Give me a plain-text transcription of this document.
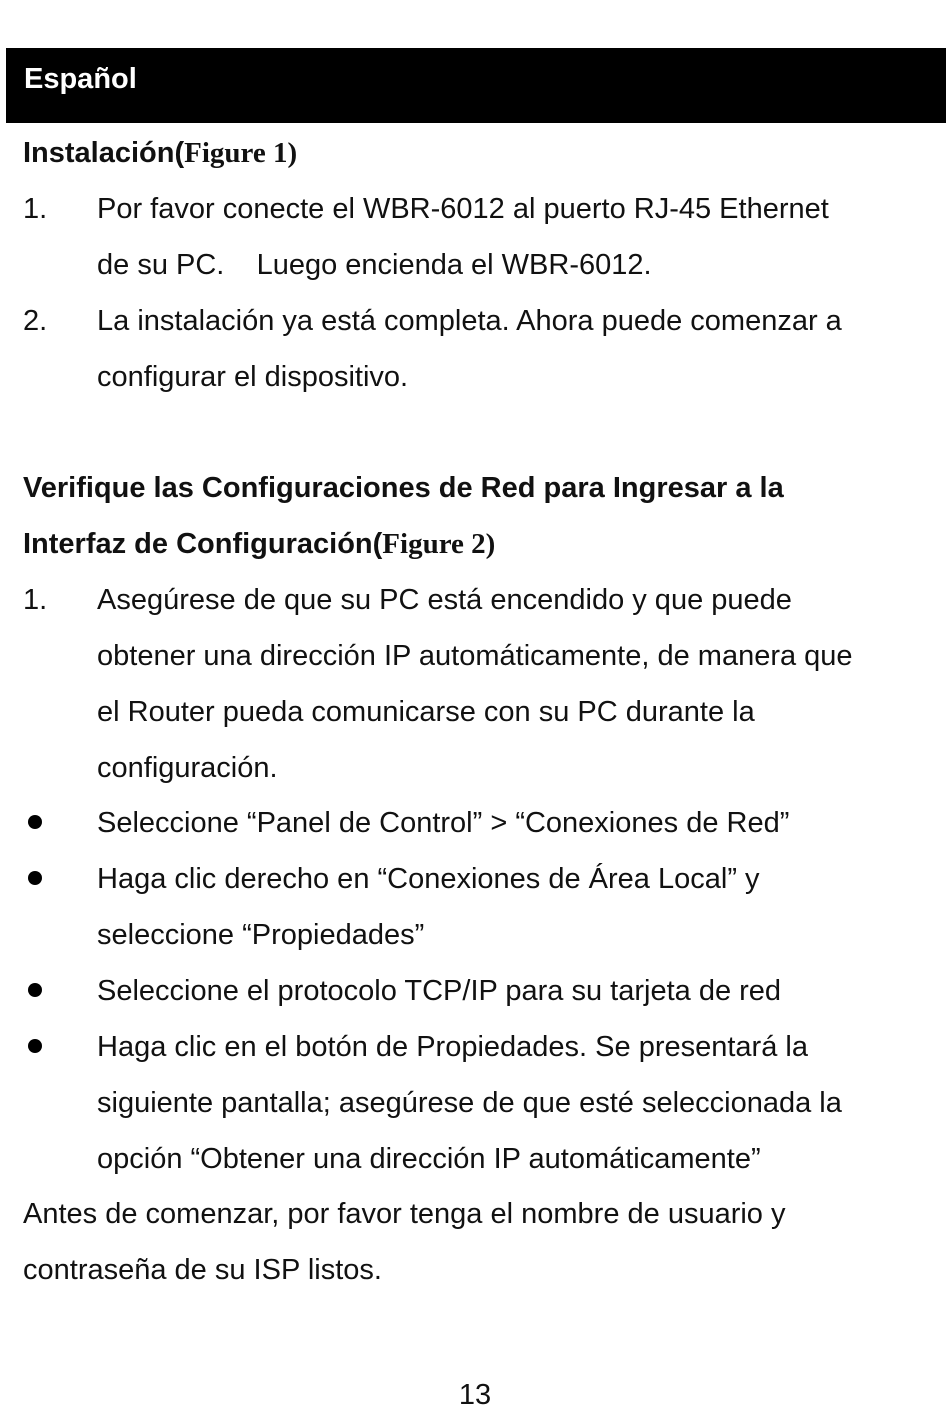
Español
Instalación(Figure 1)
1. Por favor conecte el WBR-6012 al puerto RJ-45 Ethernet
de su PC.    Luego encienda el WBR-6012.
2. La instalación ya está completa. Ahora puede comenzar a
configurar el dispositivo.
Verifique las Configuraciones de Red para Ingresar a la
Interfaz de Configuración(Figure 2)
1. Asegúrese de que su PC está encendido y que puede
obtener una dirección IP automáticamente, de manera que
el Router pueda comunicarse con su PC durante la
configuración.
Seleccione “Panel de Control” > “Conexiones de Red”
Haga clic derecho en “Conexiones de Área Local” y
seleccione “Propiedades”
Seleccione el protocolo TCP/IP para su tarjeta de red
Haga clic en el botón de Propiedades. Se presentará la
siguiente pantalla; asegúrese de que esté seleccionada la
opción “Obtener una dirección IP automáticamente”
Antes de comenzar, por favor tenga el nombre de usuario y
contraseña de su ISP listos.
13
